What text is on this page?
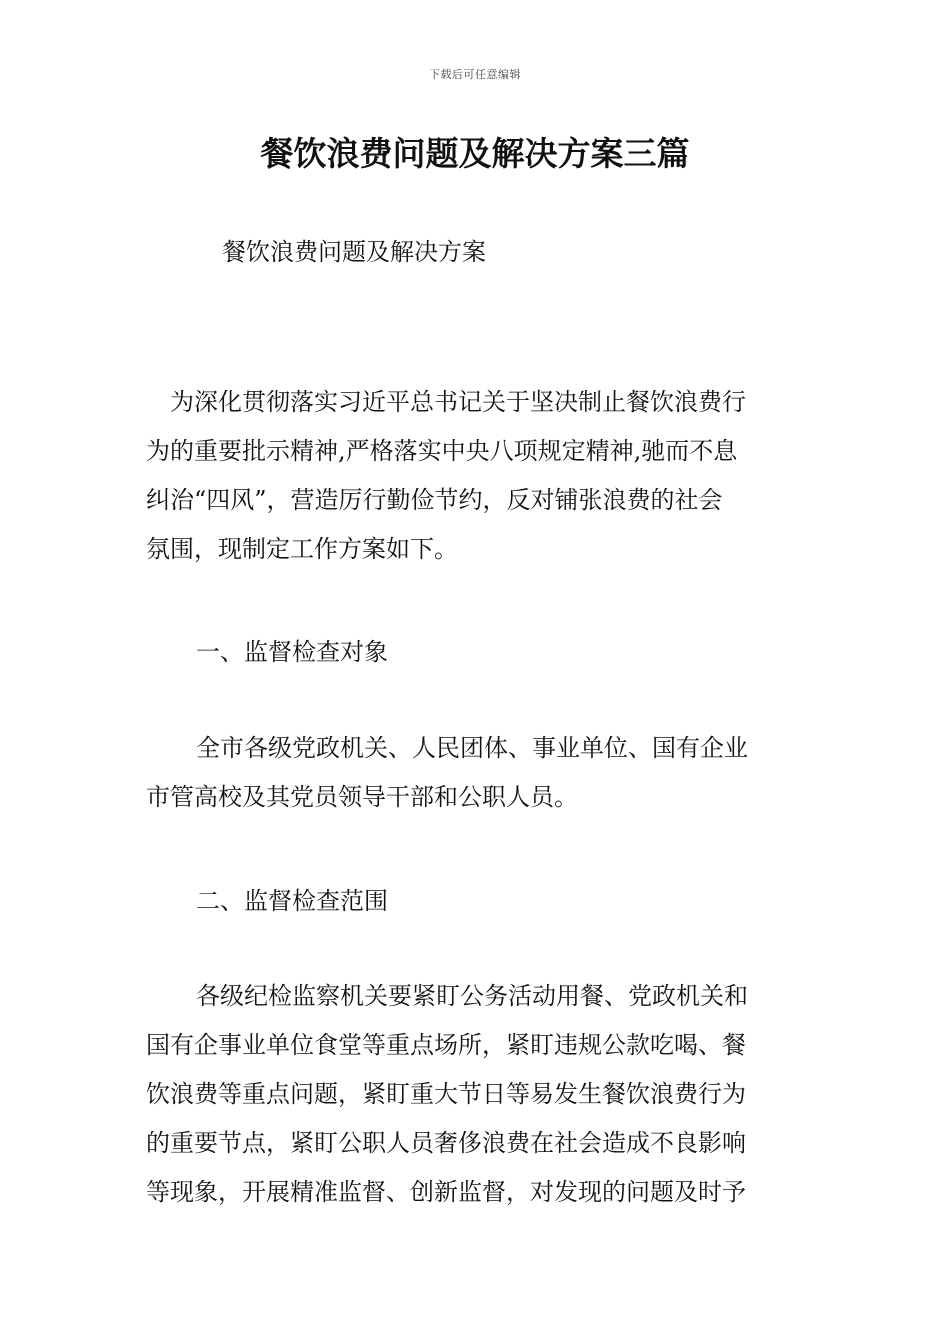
下载后可任意编辑
餐饮浪费问题及解决方案三篇

餐饮浪费问题及解决方案

为深化贯彻落实习近平总书记关于坚决制止餐饮浪费行
为的重要批示精神,严格落实中央八项规定精神,驰而不息
纠治“四风”，营造厉行勤俭节约，反对铺张浪费的社会
氛围，现制定工作方案如下。

一、监督检查对象

全市各级党政机关、人民团体、事业单位、国有企业
市管高校及其党员领导干部和公职人员。

二、监督检查范围

各级纪检监察机关要紧盯公务活动用餐、党政机关和
国有企事业单位食堂等重点场所，紧盯违规公款吃喝、餐
饮浪费等重点问题，紧盯重大节日等易发生餐饮浪费行为
的重要节点，紧盯公职人员奢侈浪费在社会造成不良影响
等现象，开展精准监督、创新监督，对发现的问题及时予
